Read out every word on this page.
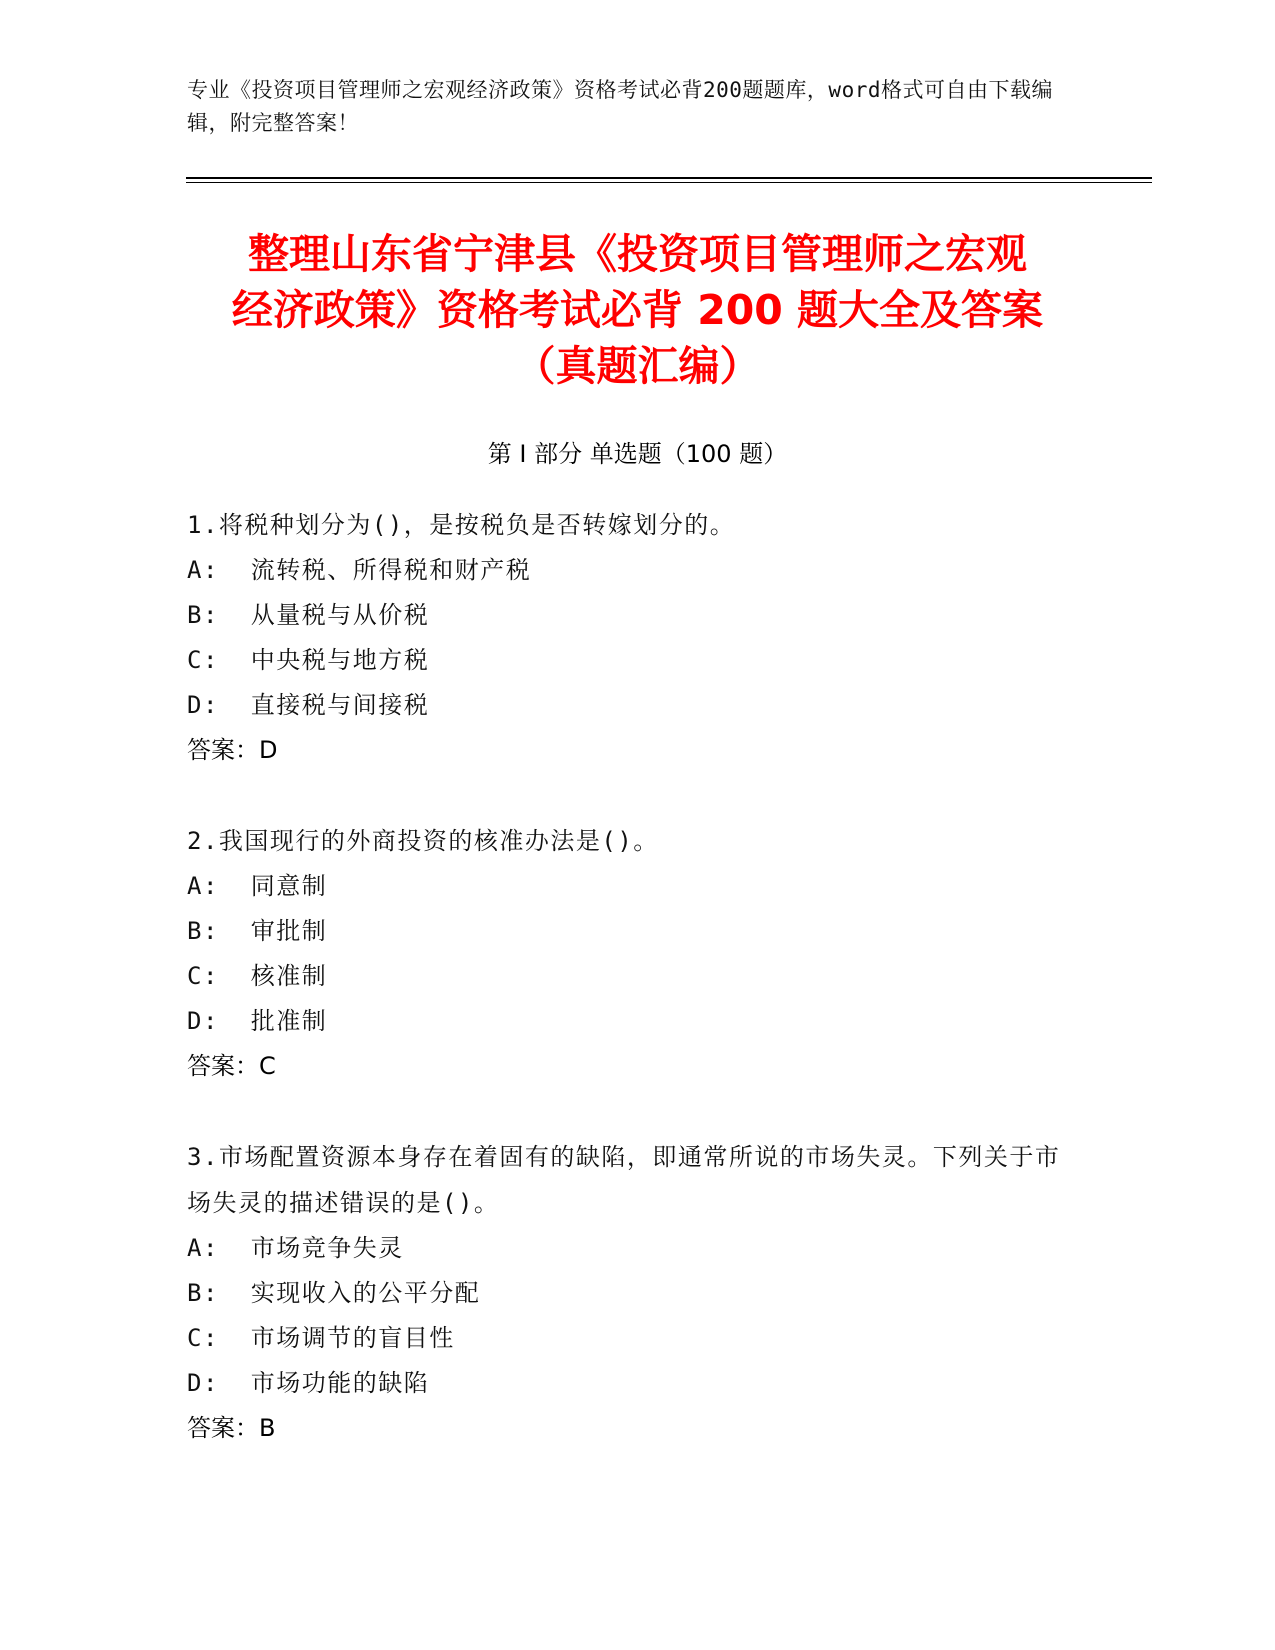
专业《投资项目管理师之宏观经济政策》资格考试必背200题题库，word格式可自由下载编辑，附完整答案！
整理山东省宁津县《投资项目管理师之宏观
经济政策》资格考试必背 200 题大全及答案
（真题汇编）
第 I 部分 单选题（100 题）

1.将税种划分为()，是按税负是否转嫁划分的。

A:  流转税、所得税和财产税

B:  从量税与从价税

C:  中央税与地方税

D:  直接税与间接税

答案：D

2.我国现行的外商投资的核准办法是()。

A:  同意制

B:  审批制

C:  核准制

D:  批准制

答案：C

3.市场配置资源本身存在着固有的缺陷，即通常所说的市场失灵。下列关于市场失灵的描述错误的是()。

A:  市场竞争失灵

B:  实现收入的公平分配

C:  市场调节的盲目性

D:  市场功能的缺陷

答案：B
